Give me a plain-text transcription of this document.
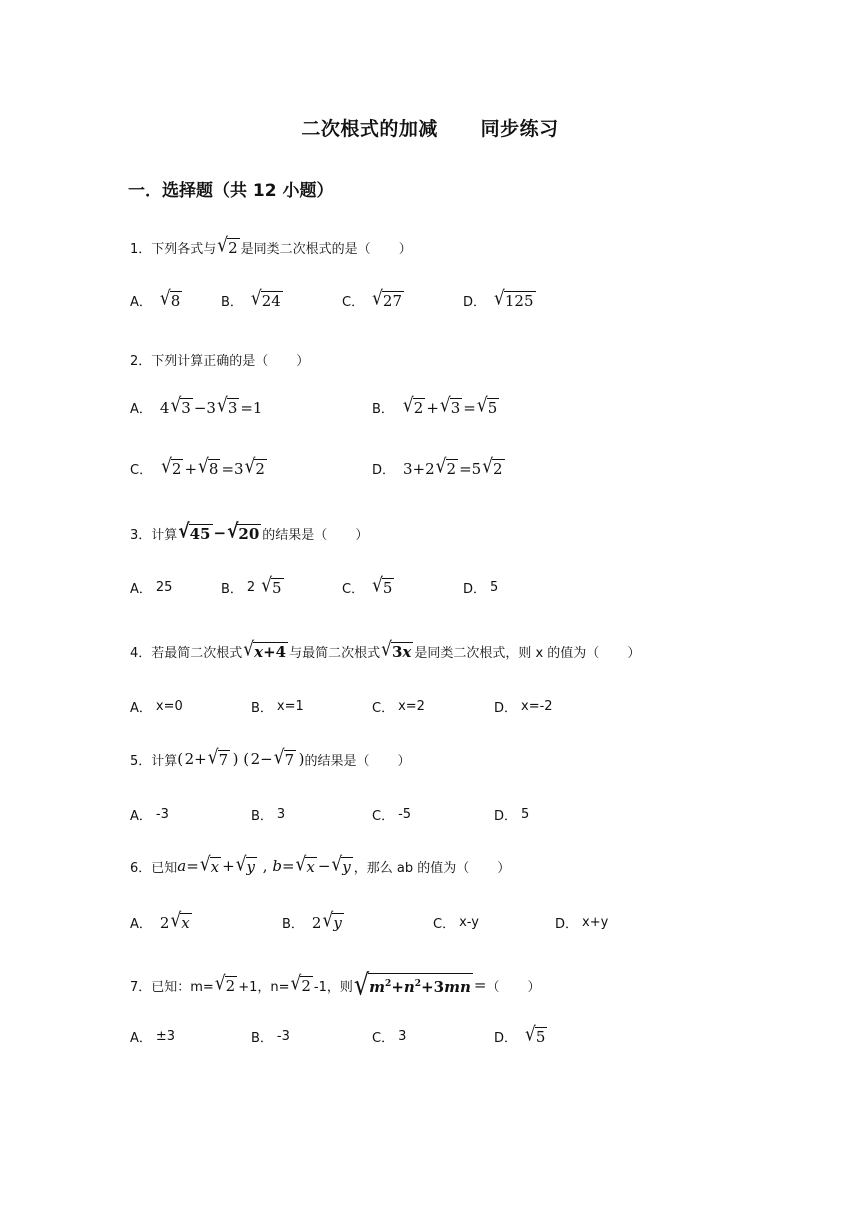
二次根式的加减      同步练习
一．选择题（共 12 小题）
1．下列各式与 √ 2 是同类二次根式的是（ ）
A． √ 8	B． √ 24	C． √ 27	D． √ 125
2．下列计算正确的是（ ）
A． 4 √ 3 −3 √ 3 =1	B． √ 2 + √ 3 = √ 5
C． √ 2 + √ 8 =3 √ 2	D． 3+2 √ 2 =5 √ 2
3．计算 √ 45 − √ 20 的结果是（ ）
A． 25	B． 2 √ 5	C． √ 5	D． 5
4．若最简二次根式 √ x+4 与最简二次根式 √ 3x 是同类二次根式，则 x 的值为（ ）
A． x=0	B． x=1	C． x=2	D． x=-2
5．计算 ( 2+ √ 7  ) ( 2− √ 7  ) 的结果是（ ）
A． -3	B． 3	C． -5	D． 5
6．已知 a = √ x + √ y , b = √ x − √ y ，那么 ab 的值为（ ）
A． 2 √ x	B． 2 √ y	C． x-y	D． x+y
7．已知：m= √ 2 +1，n= √ 2 -1，则 √ $m^2+n^2+3mn$ = （ ）
A． ±3	B． -3	C． 3	D． √ 5
